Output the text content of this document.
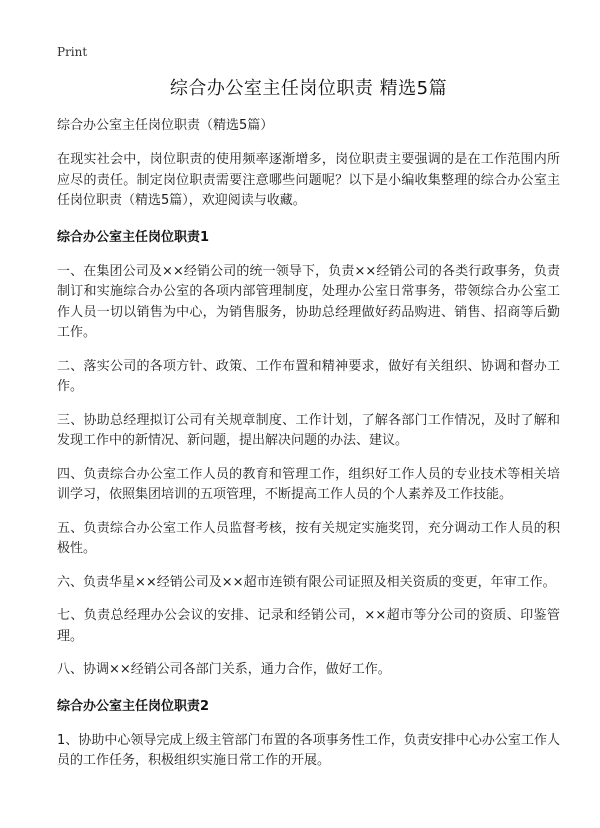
Print

综合办公室主任岗位职责 精选5篇

综合办公室主任岗位职责（精选5篇）

在现实社会中，岗位职责的使用频率逐渐增多，岗位职责主要强调的是在工作范围内所应尽的责任。制定岗位职责需要注意哪些问题呢？以下是小编收集整理的综合办公室主任岗位职责（精选5篇），欢迎阅读与收藏。

综合办公室主任岗位职责1

一、在集团公司及××经销公司的统一领导下，负责××经销公司的各类行政事务，负责制订和实施综合办公室的各项内部管理制度，处理办公室日常事务，带领综合办公室工作人员一切以销售为中心，为销售服务，协助总经理做好药品购进、销售、招商等后勤工作。

二、落实公司的各项方针、政策、工作布置和精神要求，做好有关组织、协调和督办工作。

三、协助总经理拟订公司有关规章制度、工作计划，了解各部门工作情况，及时了解和发现工作中的新情况、新问题，提出解决问题的办法、建议。

四、负责综合办公室工作人员的教育和管理工作，组织好工作人员的专业技术等相关培训学习，依照集团培训的五项管理，不断提高工作人员的个人素养及工作技能。

五、负责综合办公室工作人员监督考核，按有关规定实施奖罚，充分调动工作人员的积极性。

六、负责华星××经销公司及××超市连锁有限公司证照及相关资质的变更，年审工作。

七、负责总经理办公会议的安排、记录和经销公司，××超市等分公司的资质、印鉴管理。

八、协调××经销公司各部门关系，通力合作，做好工作。

综合办公室主任岗位职责2

1、协助中心领导完成上级主管部门布置的各项事务性工作，负责安排中心办公室工作人员的工作任务，积极组织实施日常工作的开展。
